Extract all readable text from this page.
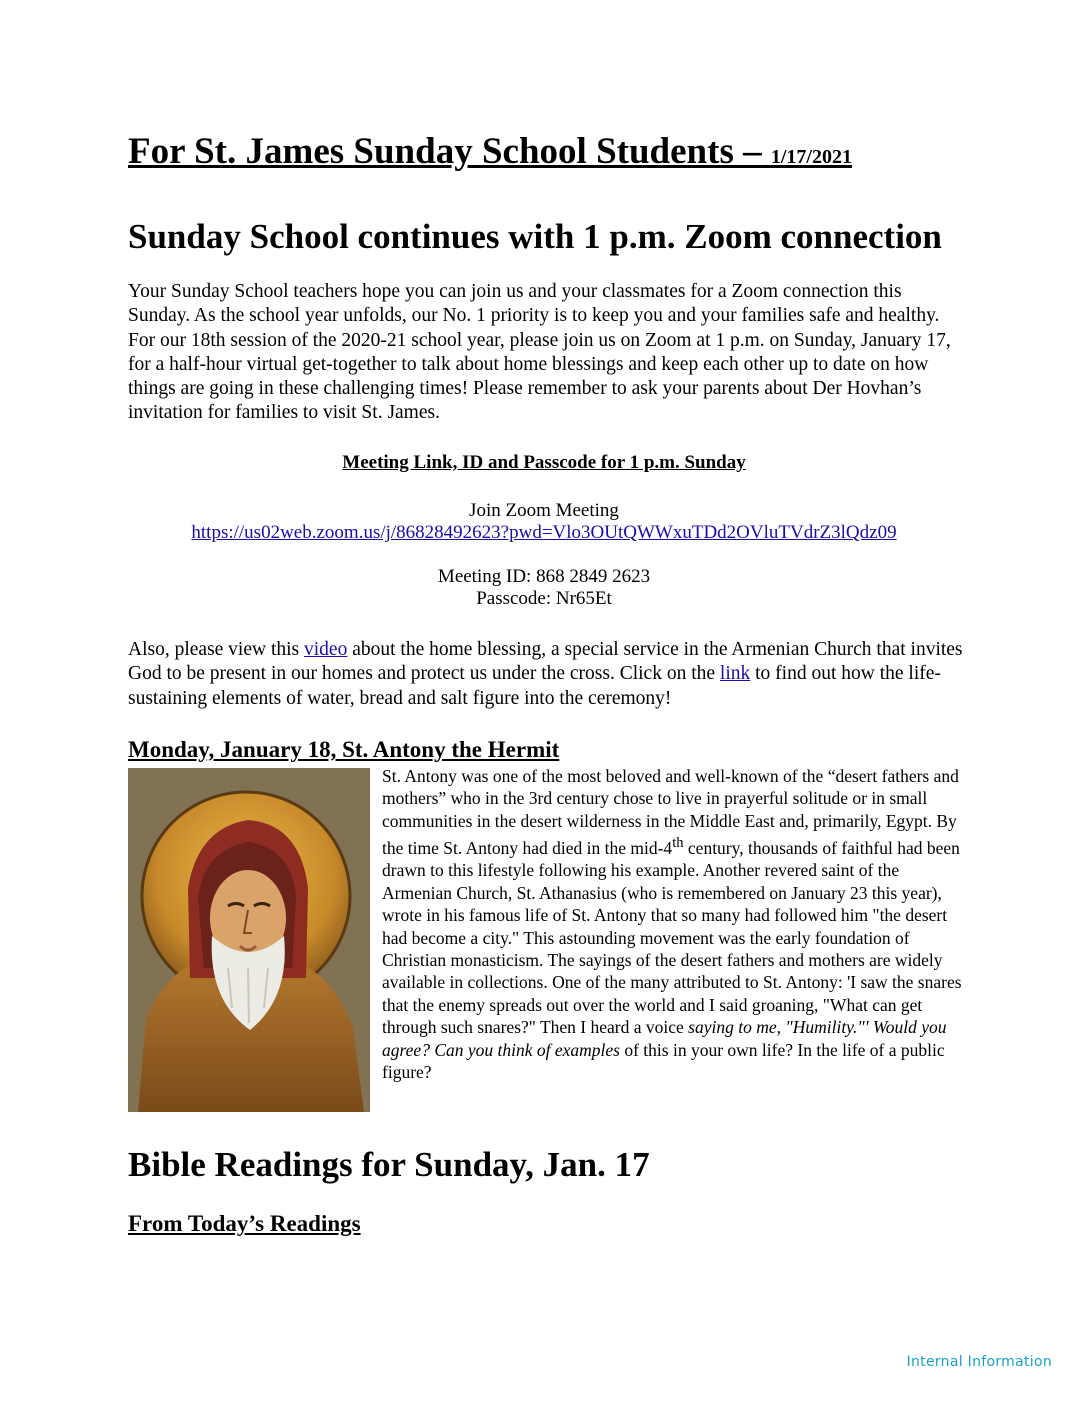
For St. James Sunday School Students – 1/17/2021
Sunday School continues with 1 p.m. Zoom connection

Your Sunday School teachers hope you can join us and your classmates for a Zoom connection this Sunday. As the school year unfolds, our No. 1 priority is to keep you and your families safe and healthy. For our 18th session of the 2020-21 school year, please join us on Zoom at 1 p.m. on Sunday, January 17, for a half-hour virtual get-together to talk about home blessings and keep each other up to date on how things are going in these challenging times! Please remember to ask your parents about Der Hovhan’s invitation for families to visit St. James.

Meeting Link, ID and Passcode for 1 p.m. Sunday
Join Zoom Meeting
https://us02web.zoom.us/j/86828492623?pwd=Vlo3OUtQWWxuTDd2OVluTVdrZ3lQdz09
Meeting ID: 868 2849 2623
Passcode: Nr65Et

Also, please view this video about the home blessing, a special service in the Armenian Church that invites God to be present in our homes and protect us under the cross. Click on the link to find out how the life-sustaining elements of water, bread and salt figure into the ceremony!

Monday, January 18, St. Antony the Hermit

St. Antony was one of the most beloved and well-known of the “desert fathers and mothers” who in the 3rd century chose to live in prayerful solitude or in small communities in the desert wilderness in the Middle East and, primarily, Egypt. By the time St. Antony had died in the mid-4th century, thousands of faithful had been drawn to this lifestyle following his example. Another revered saint of the Armenian Church, St. Athanasius (who is remembered on January 23 this year), wrote in his famous life of St. Antony that so many had followed him "the desert had become a city." This astounding movement was the early foundation of Christian monasticism. The sayings of the desert fathers and mothers are widely available in collections. One of the many attributed to St. Antony: 'I saw the snares that the enemy spreads out over the world and I said groaning, "What can get through such snares?" Then I heard a voice saying to me, "Humility."' Would you agree? Can you think of examples of this in your own life? In the life of a public figure?

Bible Readings for Sunday, Jan. 17
From Today’s Readings
Internal Information
